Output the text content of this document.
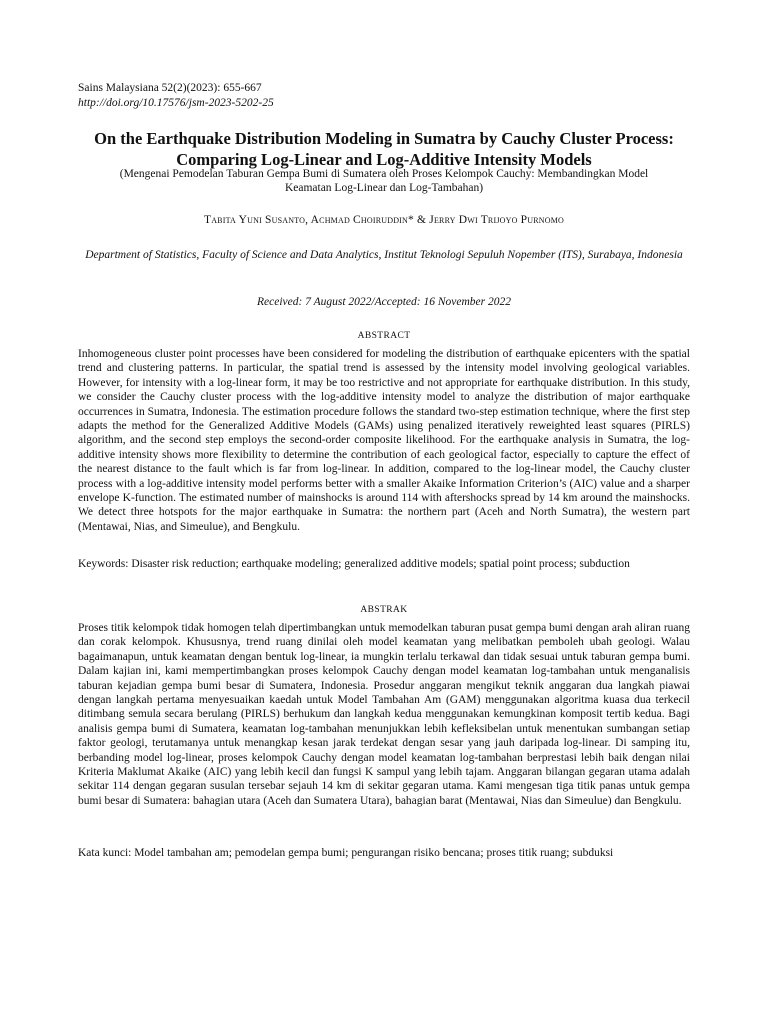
Sains Malaysiana 52(2)(2023): 655-667
http://doi.org/10.17576/jsm-2023-5202-25
On the Earthquake Distribution Modeling in Sumatra by Cauchy Cluster Process: Comparing Log-Linear and Log-Additive Intensity Models
(Mengenai Pemodelan Taburan Gempa Bumi di Sumatera oleh Proses Kelompok Cauchy: Membandingkan Model Keamatan Log-Linear dan Log-Tambahan)
Tabita Yuni Susanto, Achmad Choiruddin* & Jerry Dwi Trijoyo Purnomo
Department of Statistics, Faculty of Science and Data Analytics, Institut Teknologi Sepuluh Nopember (ITS), Surabaya, Indonesia
Received: 7 August 2022/Accepted: 16 November 2022
ABSTRACT

Inhomogeneous cluster point processes have been considered for modeling the distribution of earthquake epicenters with the spatial trend and clustering patterns. In particular, the spatial trend is assessed by the intensity model involving geological variables. However, for intensity with a log-linear form, it may be too restrictive and not appropriate for earthquake distribution. In this study, we consider the Cauchy cluster process with the log-additive intensity model to analyze the distribution of major earthquake occurrences in Sumatra, Indonesia. The estimation procedure follows the standard two-step estimation technique, where the first step adapts the method for the Generalized Additive Models (GAMs) using penalized iteratively reweighted least squares (PIRLS) algorithm, and the second step employs the second-order composite likelihood. For the earthquake analysis in Sumatra, the log-additive intensity shows more flexibility to determine the contribution of each geological factor, especially to capture the effect of the nearest distance to the fault which is far from log-linear. In addition, compared to the log-linear model, the Cauchy cluster process with a log-additive intensity model performs better with a smaller Akaike Information Criterion’s (AIC) value and a sharper envelope K-function. The estimated number of mainshocks is around 114 with aftershocks spread by 14 km around the mainshocks. We detect three hotspots for the major earthquake in Sumatra: the northern part (Aceh and North Sumatra), the western part (Mentawai, Nias, and Simeulue), and Bengkulu.

Keywords: Disaster risk reduction; earthquake modeling; generalized additive models; spatial point process; subduction
ABSTRAK

Proses titik kelompok tidak homogen telah dipertimbangkan untuk memodelkan taburan pusat gempa bumi dengan arah aliran ruang dan corak kelompok. Khususnya, trend ruang dinilai oleh model keamatan yang melibatkan pemboleh ubah geologi. Walau bagaimanapun, untuk keamatan dengan bentuk log-linear, ia mungkin terlalu terkawal dan tidak sesuai untuk taburan gempa bumi. Dalam kajian ini, kami mempertimbangkan proses kelompok Cauchy dengan model keamatan log-tambahan untuk menganalisis taburan kejadian gempa bumi besar di Sumatera, Indonesia. Prosedur anggaran mengikut teknik anggaran dua langkah piawai dengan langkah pertama menyesuaikan kaedah untuk Model Tambahan Am (GAM) menggunakan algoritma kuasa dua terkecil ditimbang semula secara berulang (PIRLS) berhukum dan langkah kedua menggunakan kemungkinan komposit tertib kedua. Bagi analisis gempa bumi di Sumatera, keamatan log-tambahan menunjukkan lebih kefleksibelan untuk menentukan sumbangan setiap faktor geologi, terutamanya untuk menangkap kesan jarak terdekat dengan sesar yang jauh daripada log-linear. Di samping itu, berbanding model log-linear, proses kelompok Cauchy dengan model keamatan log-tambahan berprestasi lebih baik dengan nilai Kriteria Maklumat Akaike (AIC) yang lebih kecil dan fungsi K sampul yang lebih tajam. Anggaran bilangan gegaran utama adalah sekitar 114 dengan gegaran susulan tersebar sejauh 14 km di sekitar gegaran utama. Kami mengesan tiga titik panas untuk gempa bumi besar di Sumatera: bahagian utara (Aceh dan Sumatera Utara), bahagian barat (Mentawai, Nias dan Simeulue) dan Bengkulu.

Kata kunci: Model tambahan am; pemodelan gempa bumi; pengurangan risiko bencana; proses titik ruang; subduksi
